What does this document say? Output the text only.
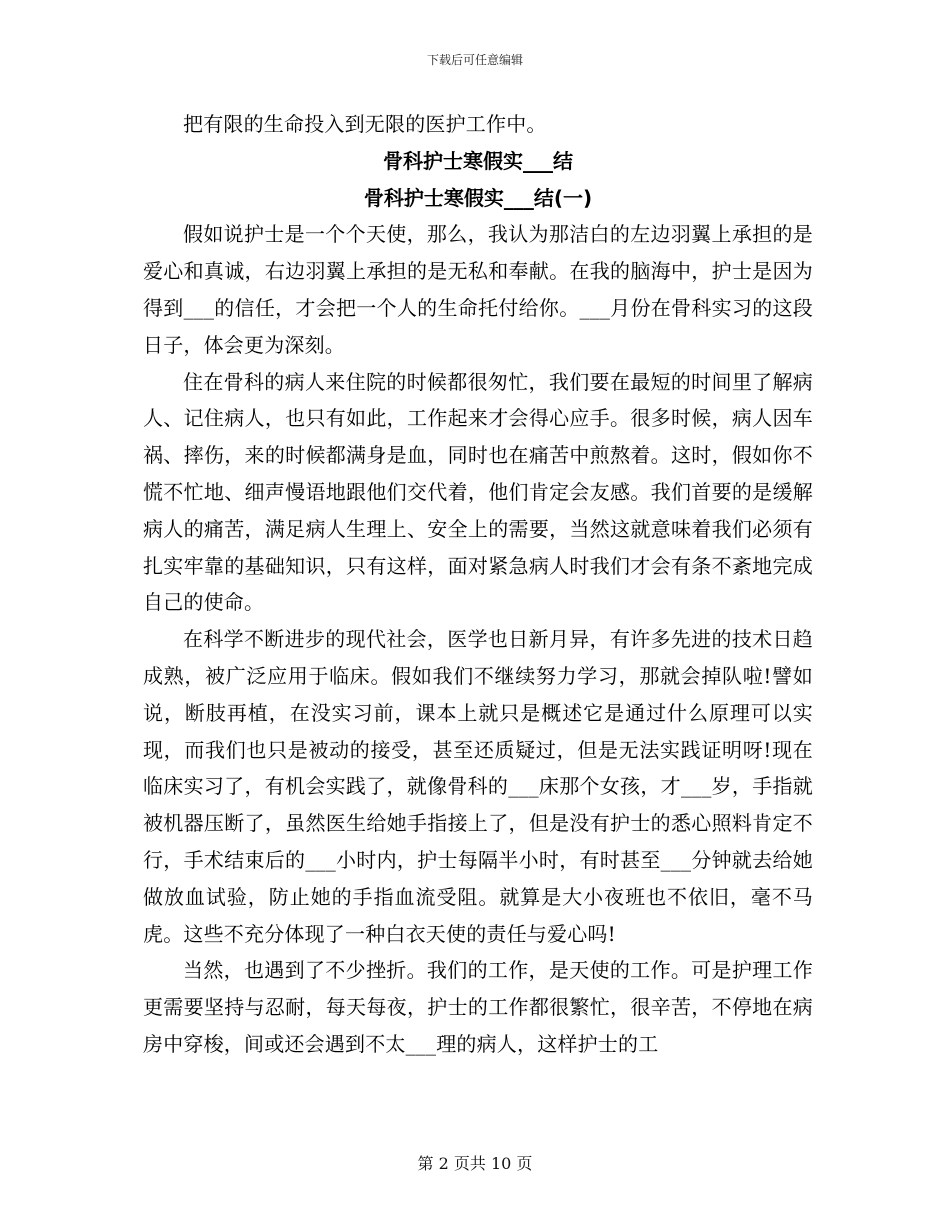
下载后可任意编辑

把有限的生命投入到无限的医护工作中。

骨科护士寒假实___结
骨科护士寒假实___结(一)

假如说护士是一个个天使，那么，我认为那洁白的左边羽翼上承担的是爱心和真诚，右边羽翼上承担的是无私和奉献。在我的脑海中，护士是因为得到___的信任，才会把一个人的生命托付给你。___月份在骨科实习的这段日子，体会更为深刻。

住在骨科的病人来住院的时候都很匆忙，我们要在最短的时间里了解病人、记住病人，也只有如此，工作起来才会得心应手。很多时候，病人因车祸、摔伤，来的时候都满身是血，同时也在痛苦中煎熬着。这时，假如你不慌不忙地、细声慢语地跟他们交代着，他们肯定会友感。我们首要的是缓解病人的痛苦，满足病人生理上、安全上的需要，当然这就意味着我们必须有扎实牢靠的基础知识，只有这样，面对紧急病人时我们才会有条不紊地完成自己的使命。

在科学不断进步的现代社会，医学也日新月异，有许多先进的技术日趋成熟，被广泛应用于临床。假如我们不继续努力学习，那就会掉队啦!譬如说，断肢再植，在没实习前，课本上就只是概述它是通过什么原理可以实现，而我们也只是被动的接受，甚至还质疑过，但是无法实践证明呀!现在临床实习了，有机会实践了，就像骨科的___床那个女孩，才___岁，手指就被机器压断了，虽然医生给她手指接上了，但是没有护士的悉心照料肯定不行，手术结束后的___小时内，护士每隔半小时，有时甚至___分钟就去给她做放血试验，防止她的手指血流受阻。就算是大小夜班也不依旧，毫不马虎。这些不充分体现了一种白衣天使的责任与爱心吗!

当然，也遇到了不少挫折。我们的工作，是天使的工作。可是护理工作更需要坚持与忍耐，每天每夜，护士的工作都很繁忙，很辛苦，不停地在病房中穿梭，间或还会遇到不太___理的病人，这样护士的工

第 2 页共 10 页
